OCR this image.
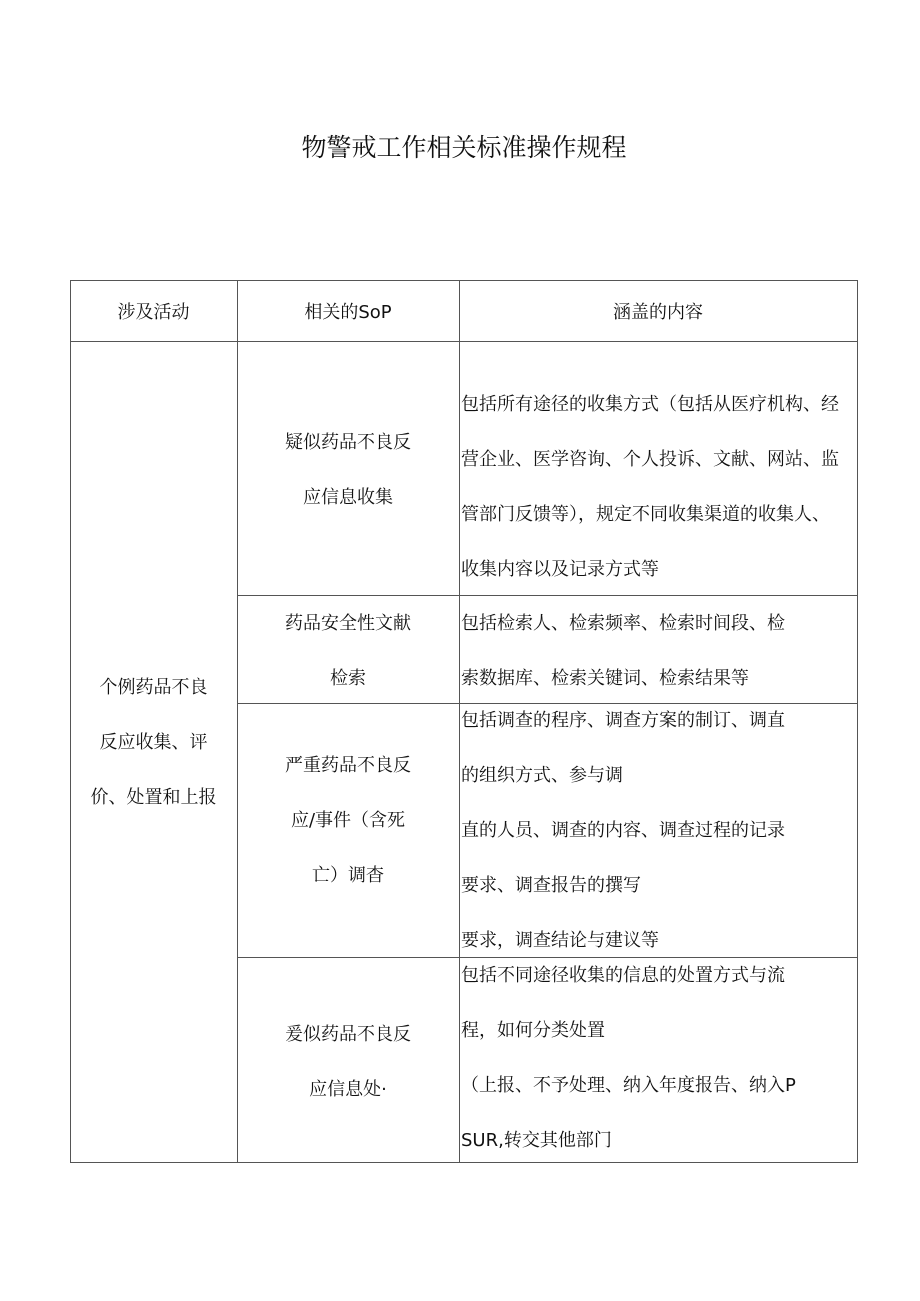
物警戒工作相关标准操作规程
涉及活动	相关的SoP	涵盖的内容
个例药品不良
反应收集、评
价、处置和上报
疑似药品不良反
应信息收集
包括所有途径的收集方式（包括从医疗机构、经
营企业、医学咨询、个人投诉、文献、网站、监
管部门反馈等），规定不同收集渠道的收集人、
收集内容以及记录方式等
药品安全性文献
检索
包括检索人、检索频率、检索时间段、检
索数据库、检索关键词、检索结果等
严重药品不良反
应/事件（含死
亡）调杳
包括调查的程序、调查方案的制订、调直
的组织方式、参与调
直的人员、调查的内容、调查过程的记录
要求、调查报告的撰写
要求，调查结论与建议等
爰似药品不良反
应信息处·
包括不同途径收集的信息的处置方式与流
程，如何分类处置
（上报、不予处理、纳入年度报告、纳入P
SUR,转交其他部门
